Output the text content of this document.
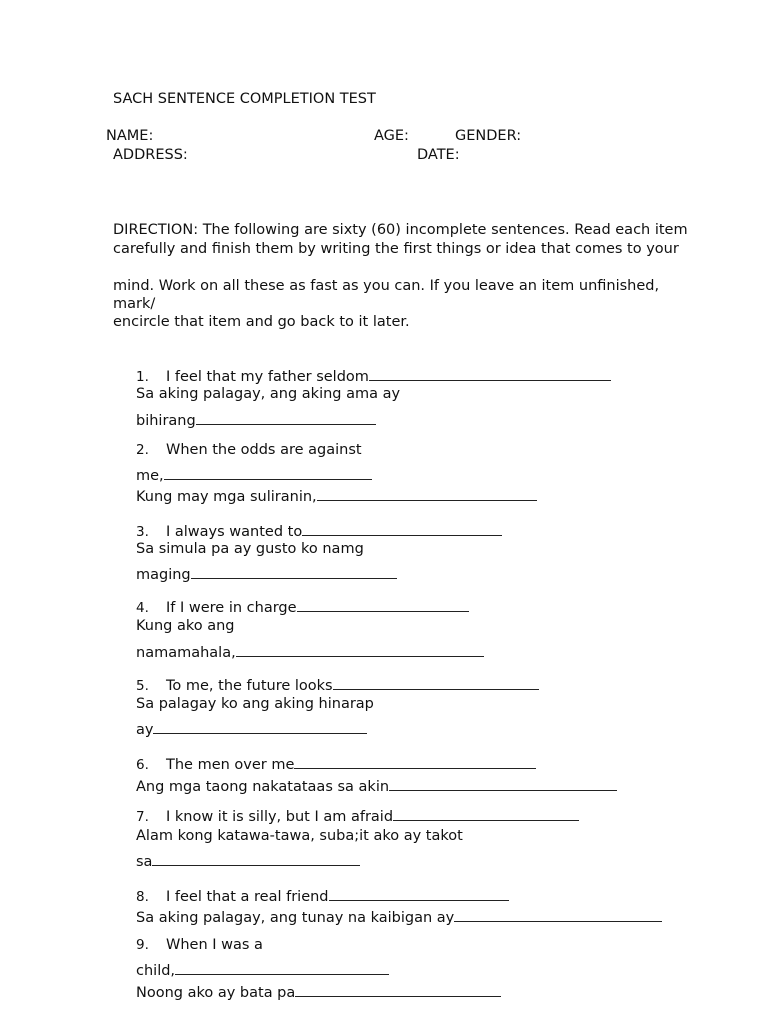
SACH SENTENCE COMPLETION TEST
NAME:	AGE:	GENDER:
ADDRESS:	DATE:
DIRECTION: The following are sixty (60) incomplete sentences. Read each item
carefully and finish them by writing the first things or idea that comes to your
mind. Work on all these as fast as you can. If you leave an item unfinished,
mark/
encircle that item and go back to it later.
1. I feel that my father seldom
Sa aking palagay, ang aking ama ay
bihirang
2. When the odds are against
me,
Kung may mga suliranin,
3. I always wanted to
Sa simula pa ay gusto ko namg
maging
4. If I were in charge
Kung ako ang
namamahala,
5. To me, the future looks
Sa palagay ko ang aking hinarap
ay
6. The men over me
Ang mga taong nakatataas sa akin
7. I know it is silly, but I am afraid
Alam kong katawa-tawa, suba;it ako ay takot
sa
8. I feel that a real friend
Sa aking palagay, ang tunay na kaibigan ay
9. When I was a
child,
Noong ako ay bata pa
